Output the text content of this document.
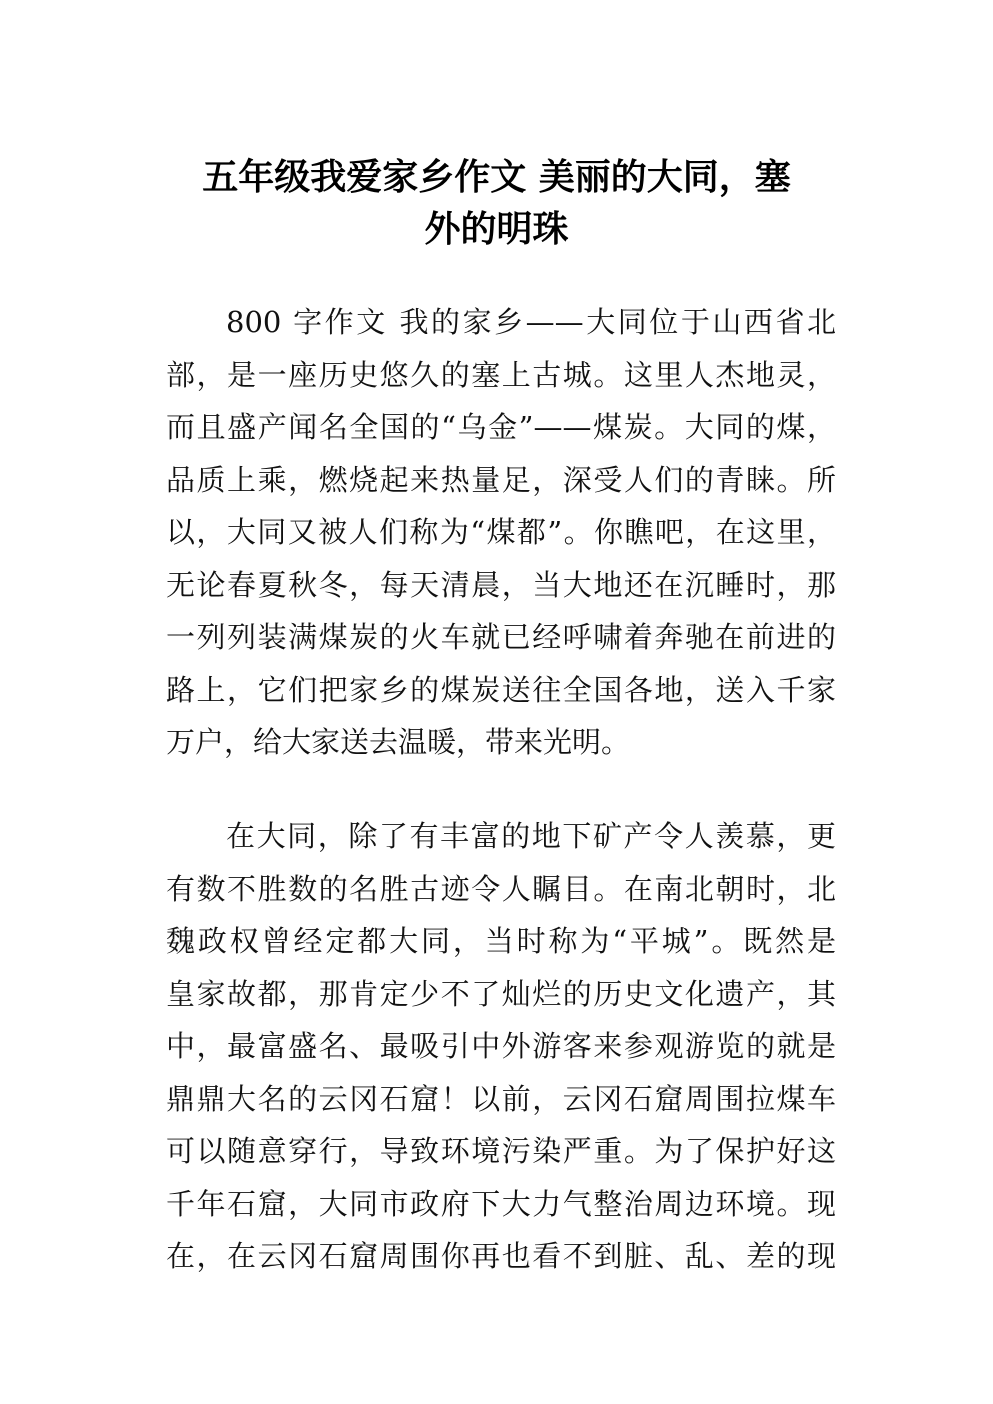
五年级我爱家乡作文 美丽的大同，塞
外的明珠
800 字作文 我的家乡——大同位于山西省北
部，是一座历史悠久的塞上古城。这里人杰地灵，
而且盛产闻名全国的“乌金”——煤炭。大同的煤，
品质上乘，燃烧起来热量足，深受人们的青睐。所
以，大同又被人们称为“煤都”。你瞧吧，在这里，
无论春夏秋冬，每天清晨，当大地还在沉睡时，那
一列列装满煤炭的火车就已经呼啸着奔驰在前进的
路上，它们把家乡的煤炭送往全国各地，送入千家
万户，给大家送去温暖，带来光明。
在大同，除了有丰富的地下矿产令人羡慕，更
有数不胜数的名胜古迹令人瞩目。在南北朝时，北
魏政权曾经定都大同，当时称为“平城”。既然是
皇家故都，那肯定少不了灿烂的历史文化遗产，其
中，最富盛名、最吸引中外游客来参观游览的就是
鼎鼎大名的云冈石窟！以前，云冈石窟周围拉煤车
可以随意穿行，导致环境污染严重。为了保护好这
千年石窟，大同市政府下大力气整治周边环境。现
在，在云冈石窟周围你再也看不到脏、乱、差的现
